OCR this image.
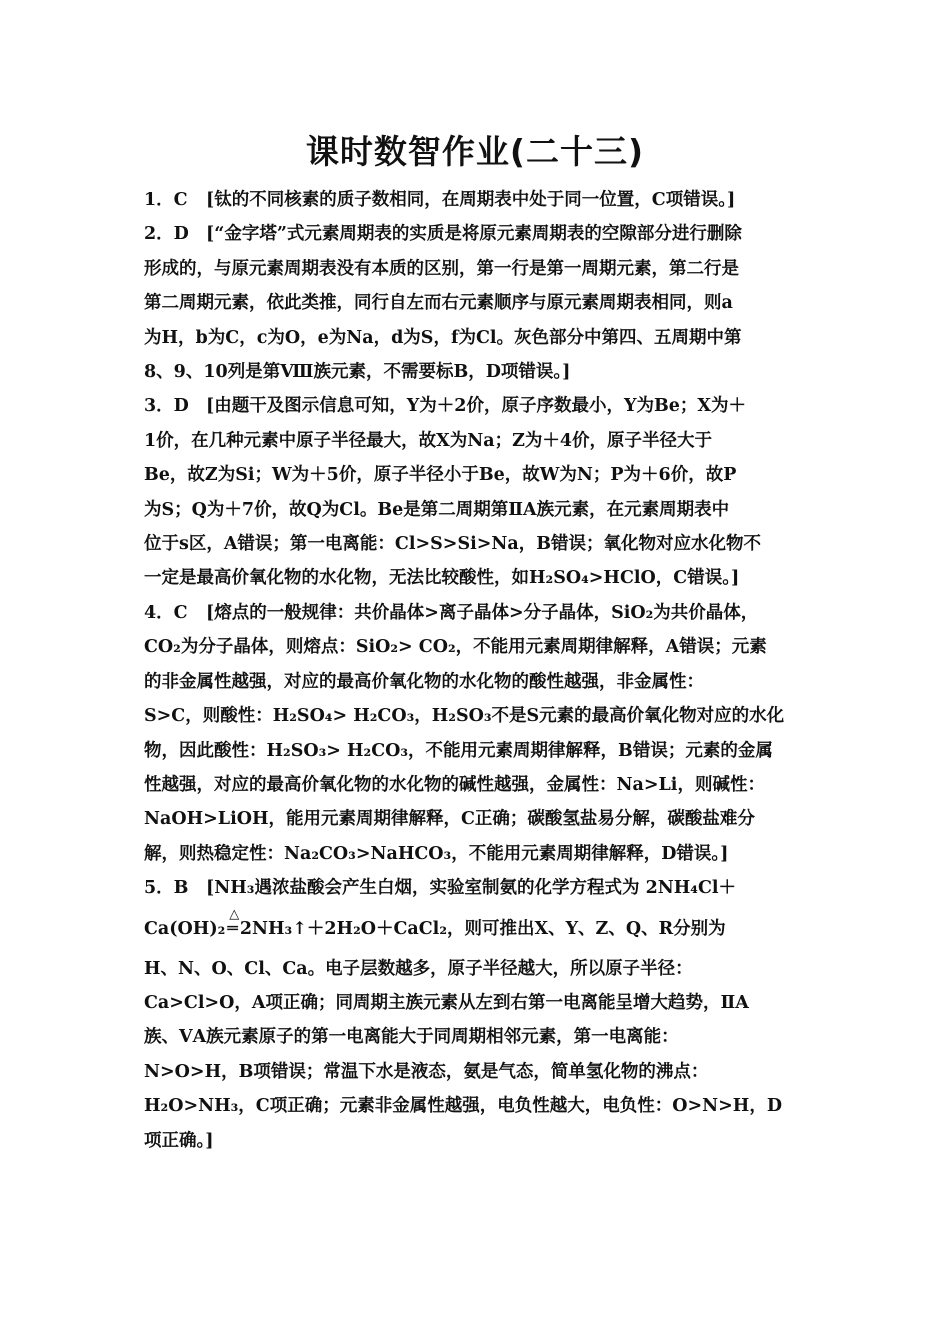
课时数智作业(二十三)
1．C [钛的不同核素的质子数相同，在周期表中处于同一位置，C项错误。]
2．D [“金字塔”式元素周期表的实质是将原元素周期表的空隙部分进行删除
形成的，与原元素周期表没有本质的区别，第一行是第一周期元素，第二行是
第二周期元素，依此类推，同行自左而右元素顺序与原元素周期表相同，则a
为H，b为C，c为O，e为Na，d为S，f为Cl。灰色部分中第四、五周期中第
8、9、10列是第Ⅷ族元素，不需要标B，D项错误。]
3．D [由题干及图示信息可知，Y为＋2价，原子序数最小，Y为Be；X为＋
1价，在几种元素中原子半径最大，故X为Na；Z为＋4价，原子半径大于
Be，故Z为Si；W为＋5价，原子半径小于Be，故W为N；P为＋6价，故P
为S；Q为＋7价，故Q为Cl。Be是第二周期第ⅡA族元素，在元素周期表中
位于s区，A错误；第一电离能：Cl>S>Si>Na，B错误；氧化物对应水化物不
一定是最高价氧化物的水化物，无法比较酸性，如H₂SO₄>HClO，C错误。]
4．C [熔点的一般规律：共价晶体>离子晶体>分子晶体，SiO₂为共价晶体，
CO₂为分子晶体，则熔点：SiO₂> CO₂，不能用元素周期律解释，A错误；元素
的非金属性越强，对应的最高价氧化物的水化物的酸性越强，非金属性：
S>C，则酸性：H₂SO₄> H₂CO₃，H₂SO₃不是S元素的最高价氧化物对应的水化
物，因此酸性：H₂SO₃> H₂CO₃，不能用元素周期律解释，B错误；元素的金属
性越强，对应的最高价氧化物的水化物的碱性越强，金属性：Na>Li，则碱性：
NaOH>LiOH，能用元素周期律解释，C正确；碳酸氢盐易分解，碳酸盐难分
解，则热稳定性：Na₂CO₃>NaHCO₃，不能用元素周期律解释，D错误。]
5．B [NH₃遇浓盐酸会产生白烟，实验室制氨的化学方程式为 2NH₄Cl＋
Ca(OH)₂
△
═ 2NH₃↑＋2H₂O＋CaCl₂，则可推出X、Y、Z、Q、R分别为
H、N、O、Cl、Ca。电子层数越多，原子半径越大，所以原子半径：
Ca>Cl>O，A项正确；同周期主族元素从左到右第一电离能呈增大趋势，ⅡA
族、ⅤA族元素原子的第一电离能大于同周期相邻元素，第一电离能：
N>O>H，B项错误；常温下水是液态，氨是气态，简单氢化物的沸点：
H₂O>NH₃，C项正确；元素非金属性越强，电负性越大，电负性：O>N>H，D
项正确。]
